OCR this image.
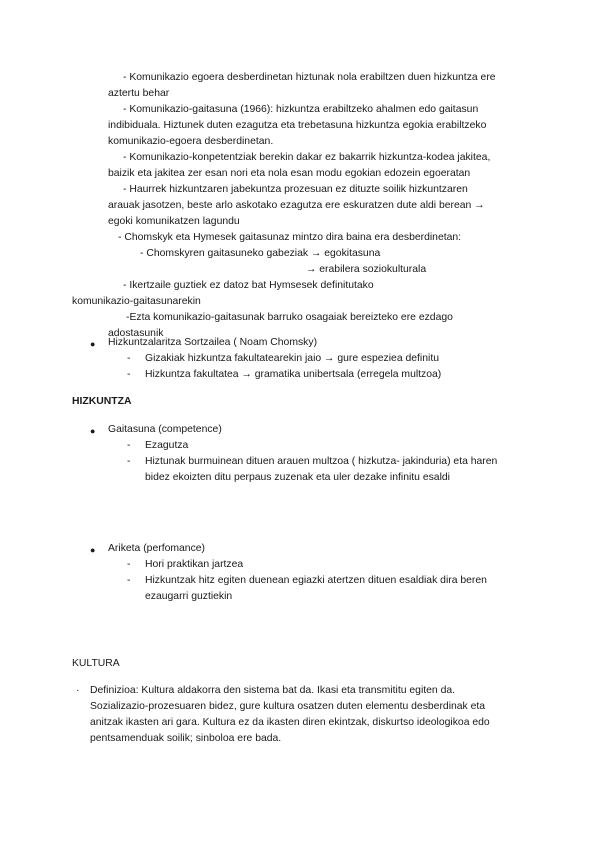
- Komunikazio egoera desberdinetan hiztunak nola erabiltzen duen hizkuntza ere
aztertu behar
- Komunikazio-gaitasuna (1966): hizkuntza erabiltzeko ahalmen edo gaitasun
indibiduala. Hiztunek duten ezagutza eta trebetasuna hizkuntza egokia erabiltzeko
komunikazio-egoera desberdinetan.
- Komunikazio-konpetentziak berekin dakar ez bakarrik hizkuntza-kodea jakitea,
baizik eta jakitea zer esan nori eta nola esan modu egokian edozein egoeratan
- Haurrek hizkuntzaren jabekuntza prozesuan ez dituzte soilik hizkuntzaren
arauak jasotzen, beste arlo askotako ezagutza ere eskuratzen dute aldi berean →
egoki komunikatzen lagundu
- Chomskyk eta Hymesek gaitasunaz mintzo dira baina era desberdinetan:
- Chomskyren gaitasuneko gabeziak → egokitasuna
→ erabilera soziokulturala
- Ikertzaile guztiek ez datoz bat Hymsesek definitutako
komunikazio-gaitasunarekin
-Ezta komunikazio-gaitasunak barruko osagaiak bereizteko ere ezdago
adostasunik
● Hizkuntzalaritza Sortzailea ( Noam Chomsky)
- Gizakiak hizkuntza fakultatearekin jaio → gure espeziea definitu
- Hizkuntza fakultatea → gramatika unibertsala (erregela multzoa)
HIZKUNTZA
● Gaitasuna (competence)
- Ezagutza
- Hiztunak burmuinean dituen arauen multzoa ( hizkutza- jakinduria) eta haren
bidez ekoizten ditu perpaus zuzenak eta uler dezake infinitu esaldi
● Ariketa (perfomance)
- Hori praktikan jartzea
- Hizkuntzak hitz egiten duenean egiazki atertzen dituen esaldiak dira beren
ezaugarri guztiekin
KULTURA
· Definizioa: Kultura aldakorra den sistema bat da. Ikasi eta transmititu egiten da.
Sozializazio-prozesuaren bidez, gure kultura osatzen duten elementu desberdinak eta
anitzak ikasten ari gara. Kultura ez da ikasten diren ekintzak, diskurtso ideologikoa edo
pentsamenduak soilik; sinboloa ere bada.
